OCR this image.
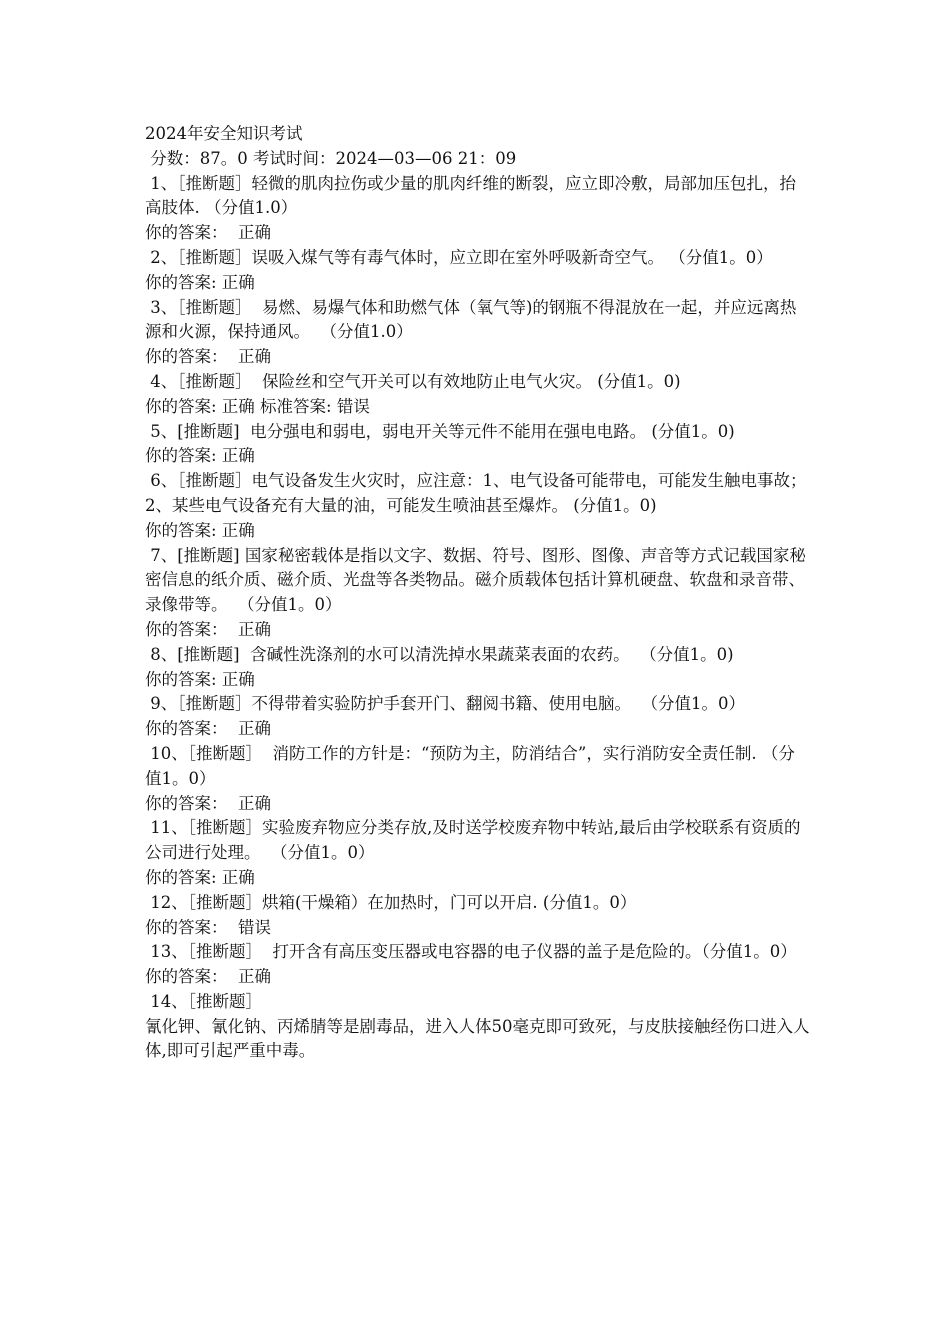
2024年安全知识考试
分数：87。0 考试时间：2024—03—06 21：09
1、［推断题］轻微的肌肉拉伤或少量的肌肉纤维的断裂，应立即冷敷，局部加压包扎，抬高肢体. （分值1.0）
你的答案：  正确
2、［推断题］误吸入煤气等有毒气体时，应立即在室外呼吸新奇空气。 （分值1。0）
你的答案: 正确
3、［推断题］  易燃、易爆气体和助燃气体（氧气等)的钢瓶不得混放在一起，并应远离热源和火源，保持通风。  （分值1.0）
你的答案：  正确
4、［推断题］  保险丝和空气开关可以有效地防止电气火灾。 (分值1。0)
你的答案: 正确 标准答案: 错误
5、[推断题]  电分强电和弱电，弱电开关等元件不能用在强电电路。 (分值1。0)
你的答案: 正确
6、［推断题］电气设备发生火灾时，应注意：1、电气设备可能带电，可能发生触电事故；2、某些电气设备充有大量的油，可能发生喷油甚至爆炸。 (分值1。0)
你的答案: 正确
7、[推断题] 国家秘密载体是指以文字、数据、符号、图形、图像、声音等方式记载国家秘密信息的纸介质、磁介质、光盘等各类物品。磁介质载体包括计算机硬盘、软盘和录音带、录像带等。  （分值1。0）
你的答案：  正确
8、[推断题]  含碱性洗涤剂的水可以清洗掉水果蔬菜表面的农药。  （分值1。0)
你的答案: 正确
9、［推断题］不得带着实验防护手套开门、翻阅书籍、使用电脑。  （分值1。0）
你的答案：  正确
10、［推断题］  消防工作的方针是：“预防为主，防消结合”，实行消防安全责任制. （分值1。0）
你的答案：  正确
11、［推断题］实验废弃物应分类存放,及时送学校废弃物中转站,最后由学校联系有资质的公司进行处理。  （分值1。0）
你的答案: 正确
12、［推断题］烘箱(干燥箱）在加热时，门可以开启. (分值1。0）
你的答案：  错误
13、［推断题］  打开含有高压变压器或电容器的电子仪器的盖子是危险的。（分值1。0）
你的答案：  正确
14、［推断题］
氰化钾、氰化钠、丙烯腈等是剧毒品，进入人体50毫克即可致死，与皮肤接触经伤口进入人体,即可引起严重中毒。
